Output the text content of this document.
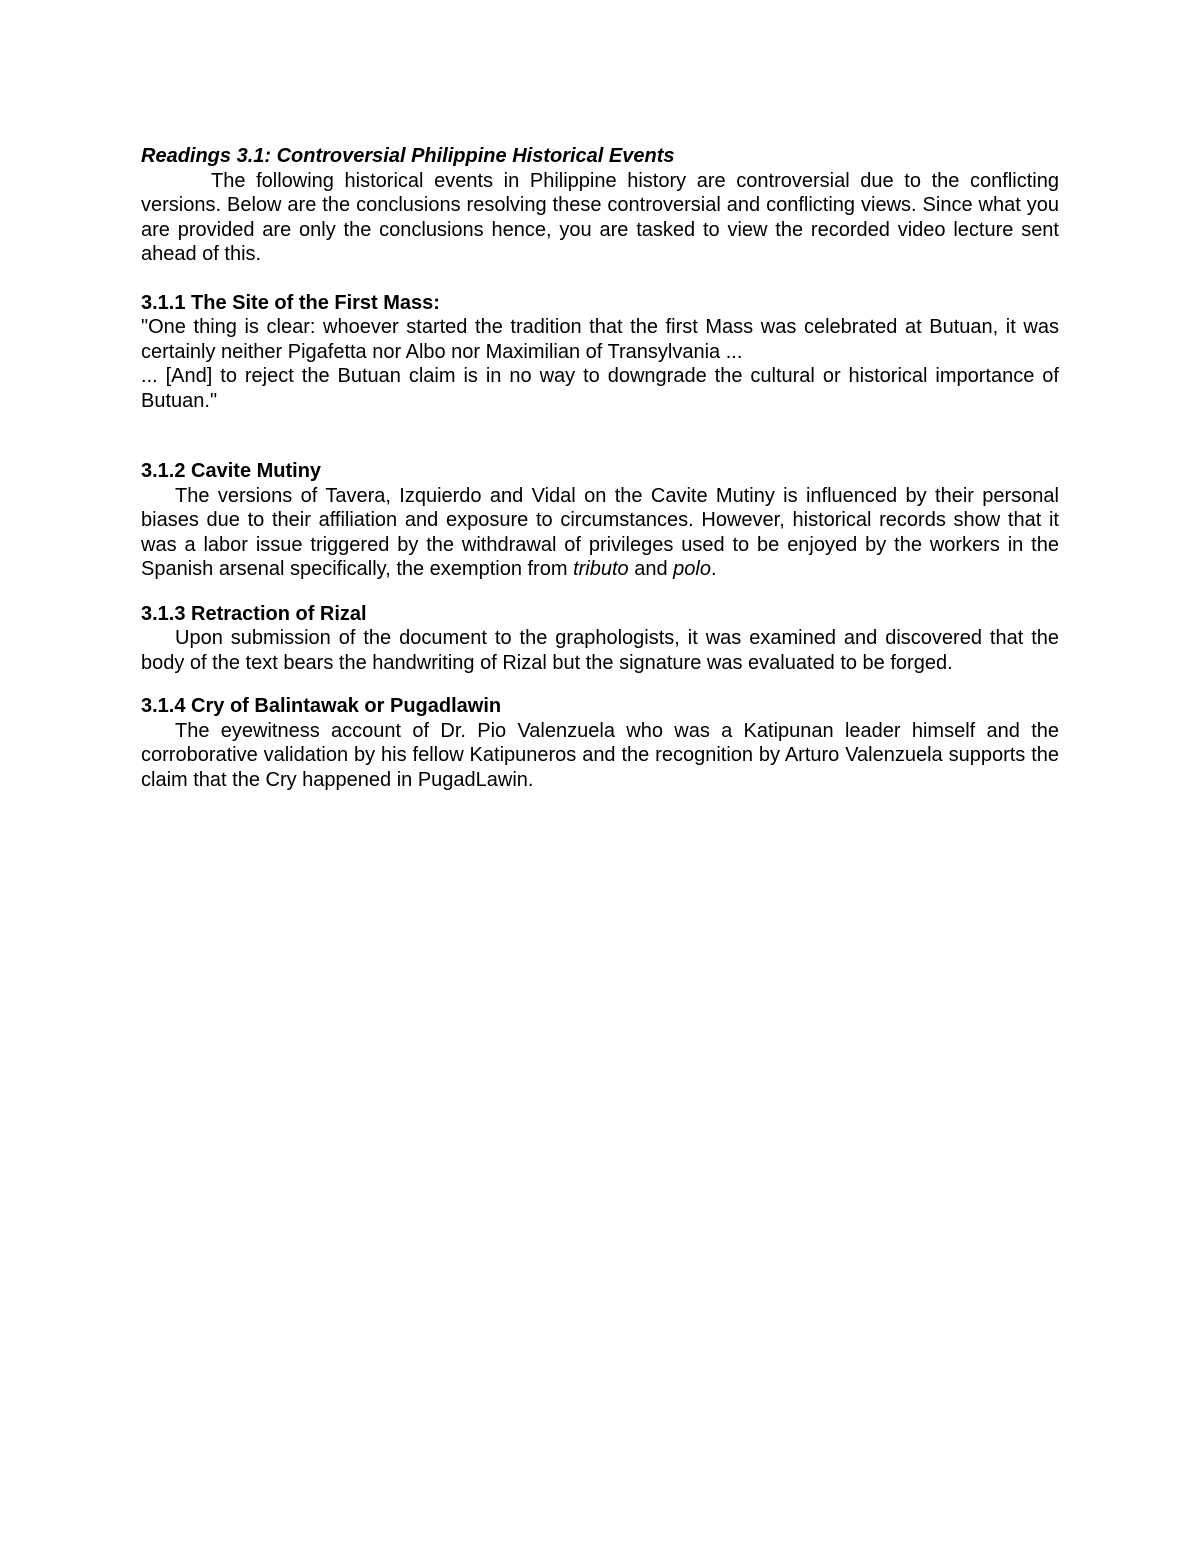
Readings 3.1: Controversial Philippine Historical Events

The following historical events in Philippine history are controversial due to the conflicting versions. Below are the conclusions resolving these controversial and conflicting views. Since what you are provided are only the conclusions hence, you are tasked to view the recorded video lecture sent ahead of this.

3.1.1 The Site of the First Mass:

"One thing is clear: whoever started the tradition that the first Mass was celebrated at Butuan, it was certainly neither Pigafetta nor Albo nor Maximilian of Transylvania ...

... [And] to reject the Butuan claim is in no way to downgrade the cultural or historical importance of Butuan."

3.1.2 Cavite Mutiny

The versions of Tavera, Izquierdo and Vidal on the Cavite Mutiny is influenced by their personal biases due to their affiliation and exposure to circumstances. However, historical records show that it was a labor issue triggered by the withdrawal of privileges used to be enjoyed by the workers in the Spanish arsenal specifically, the exemption from tributo and polo.

3.1.3 Retraction of Rizal

Upon submission of the document to the graphologists, it was examined and discovered that the body of the text bears the handwriting of Rizal but the signature was evaluated to be forged.

3.1.4 Cry of Balintawak or Pugadlawin

The eyewitness account of Dr. Pio Valenzuela who was a Katipunan leader himself and the corroborative validation by his fellow Katipuneros and the recognition by Arturo Valenzuela supports the claim that the Cry happened in PugadLawin.
